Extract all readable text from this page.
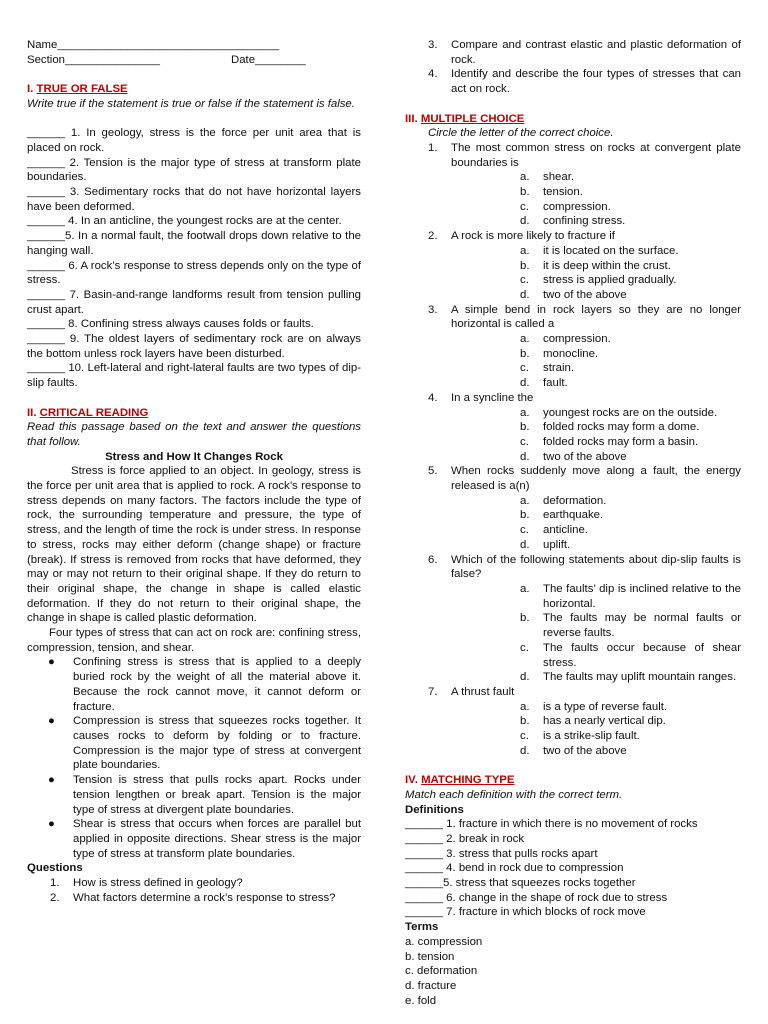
Name___________________________________

Section_______________	Date________

I. TRUE OR FALSE

Write true if the statement is true or false if the statement is false.

______ 1. In geology, stress is the force per unit area that is placed on rock.

______ 2. Tension is the major type of stress at transform plate boundaries.

______ 3. Sedimentary rocks that do not have horizontal layers have been deformed.

______ 4. In an anticline, the youngest rocks are at the center.

______5. In a normal fault, the footwall drops down relative to the hanging wall.

______ 6. A rock’s response to stress depends only on the type of stress.

______ 7. Basin-and-range landforms result from tension pulling crust apart.

______ 8. Confining stress always causes folds or faults.

______ 9. The oldest layers of sedimentary rock are on always the bottom unless rock layers have been disturbed.

______ 10. Left-lateral and right-lateral faults are two types of dip-slip faults.

II. CRITICAL READING

Read this passage based on the text and answer the questions that follow.

Stress and How It Changes Rock

Stress is force applied to an object. In geology, stress is the force per unit area that is applied to rock. A rock’s response to stress depends on many factors. The factors include the type of rock, the surrounding temperature and pressure, the type of stress, and the length of time the rock is under stress. In response to stress, rocks may either deform (change shape) or fracture (break). If stress is removed from rocks that have deformed, they may or may not return to their original shape. If they do return to their original shape, the change in shape is called elastic deformation. If they do not return to their original shape, the change in shape is called plastic deformation.

Four types of stress that can act on rock are: confining stress, compression, tension, and shear.

● Confining stress is stress that is applied to a deeply buried rock by the weight of all the material above it. Because the rock cannot move, it cannot deform or fracture.
● Compression is stress that squeezes rocks together. It causes rocks to deform by folding or to fracture. Compression is the major type of stress at convergent plate boundaries.
● Tension is stress that pulls rocks apart. Rocks under tension lengthen or break apart. Tension is the major type of stress at divergent plate boundaries.
● Shear is stress that occurs when forces are parallel but applied in opposite directions. Shear stress is the major type of stress at transform plate boundaries.

Questions

1. How is stress defined in geology?
2. What factors determine a rock’s response to stress?
3. Compare and contrast elastic and plastic deformation of rock.
4. Identify and describe the four types of stresses that can act on rock.

III. MULTIPLE CHOICE

Circle the letter of the correct choice.

1. The most common stress on rocks at convergent plate boundaries is
a. shear.
b. tension.
c. compression.
d. confining stress.
2. A rock is more likely to fracture if
a. it is located on the surface.
b. it is deep within the crust.
c. stress is applied gradually.
d. two of the above
3. A simple bend in rock layers so they are no longer horizontal is called a
a. compression.
b. monocline.
c. strain.
d. fault.
4. In a syncline the
a. youngest rocks are on the outside.
b. folded rocks may form a dome.
c. folded rocks may form a basin.
d. two of the above
5. When rocks suddenly move along a fault, the energy released is a(n)
a. deformation.
b. earthquake.
c. anticline.
d. uplift.
6. Which of the following statements about dip-slip faults is false?
a. The faults’ dip is inclined relative to the horizontal.
b. The faults may be normal faults or reverse faults.
c. The faults occur because of shear stress.
d. The faults may uplift mountain ranges.
7. A thrust fault
a. is a type of reverse fault.
b. has a nearly vertical dip.
c. is a strike-slip fault.
d. two of the above

IV. MATCHING TYPE

Match each definition with the correct term.

Definitions

______ 1. fracture in which there is no movement of rocks

______ 2. break in rock

______ 3. stress that pulls rocks apart

______ 4. bend in rock due to compression

______5. stress that squeezes rocks together

______ 6. change in the shape of rock due to stress

______ 7. fracture in which blocks of rock move

Terms

a. compression

b. tension

c. deformation

d. fracture

e. fold
